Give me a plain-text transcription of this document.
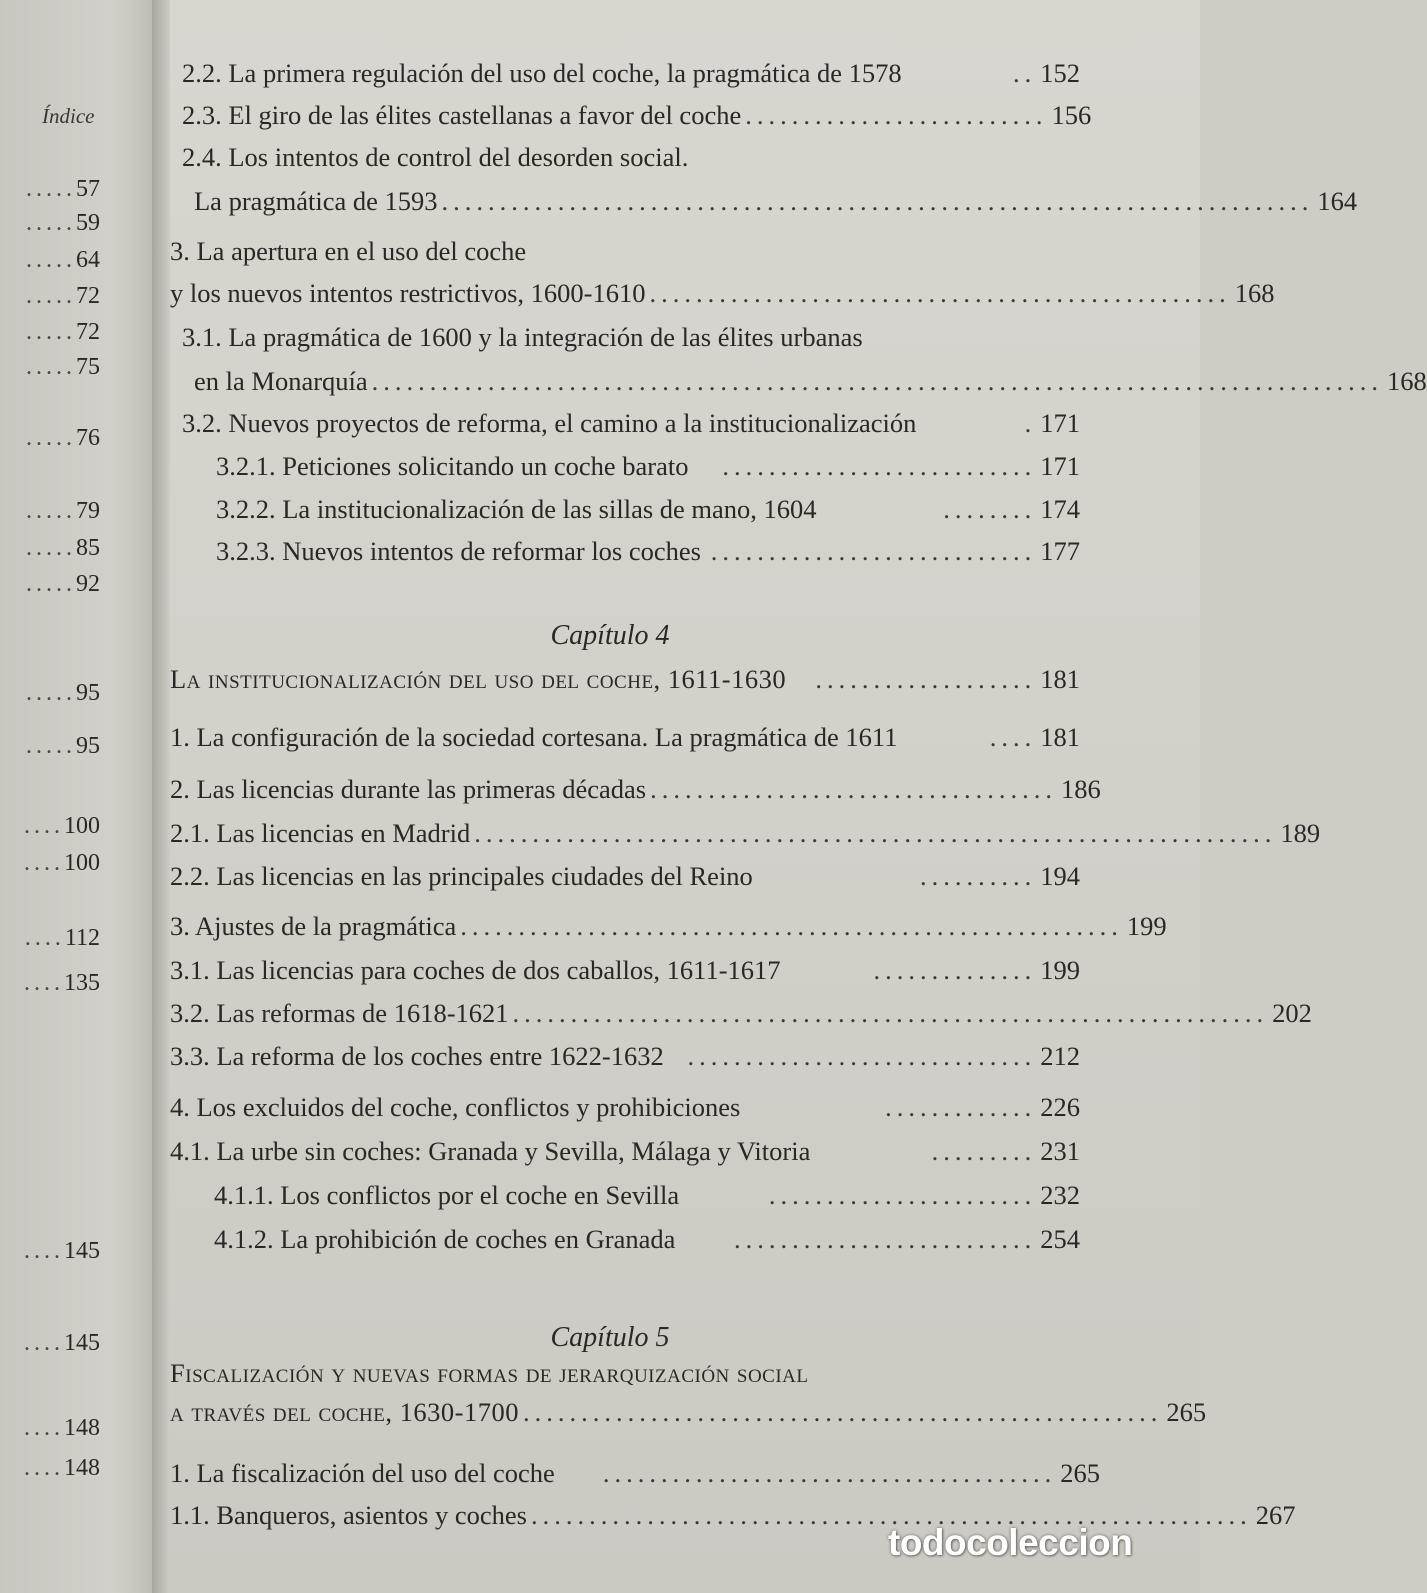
Índice
.....57
.....59
.....64
.....72
.....72
.....75
.....76
.....79
.....85
.....92
.....95
.....95
....100
....100
....112
....135
....145
....145
....148
....148
2.2. La primera regulación del uso del coche, la pragmática de 1578	.. 152
2.3. El giro de las élites castellanas a favor del coche .......................... 156
2.4. Los intentos de control del desorden social.
La pragmática de 1593 ........................................................................... 164
3. La apertura en el uso del coche
y los nuevos intentos restrictivos, 1600-1610 .................................................. 168
3.1. La pragmática de 1600 y la integración de las élites urbanas
en la Monarquía ....................................................................................... 168
3.2. Nuevos proyectos de reforma, el camino a la institucionalización	. 171
3.2.1. Peticiones solicitando un coche barato	........................... 171
3.2.2. La institucionalización de las sillas de mano, 1604	........ 174
3.2.3. Nuevos intentos de reformar los coches ............................ 177
Capítulo 4
La institucionalización del uso del coche, 1611-1630	................... 181
1. La configuración de la sociedad cortesana. La pragmática de 1611	.... 181
2. Las licencias durante las primeras décadas ................................... 186
2.1. Las licencias en Madrid ..................................................................... 189
2.2. Las licencias en las principales ciudades del Reino	.......... 194
3. Ajustes de la pragmática ......................................................... 199
3.1. Las licencias para coches de dos caballos, 1611-1617	.............. 199
3.2. Las reformas de 1618-1621 ................................................................. 202
3.3. La reforma de los coches entre 1622-1632 .............................. 212
4. Los excluidos del coche, conflictos y prohibiciones	............. 226
4.1. La urbe sin coches: Granada y Sevilla, Málaga y Vitoria	......... 231
4.1.1. Los conflictos por el coche en Sevilla	....................... 232
4.1.2. La prohibición de coches en Granada	.......................... 254
Capítulo 5
Fiscalización y nuevas formas de jerarquización social
a través del coche, 1630-1700 ....................................................... 265
1. La fiscalización del uso del coche	....................................... 265
1.1. Banqueros, asientos y coches .............................................................. 267
todocoleccion
